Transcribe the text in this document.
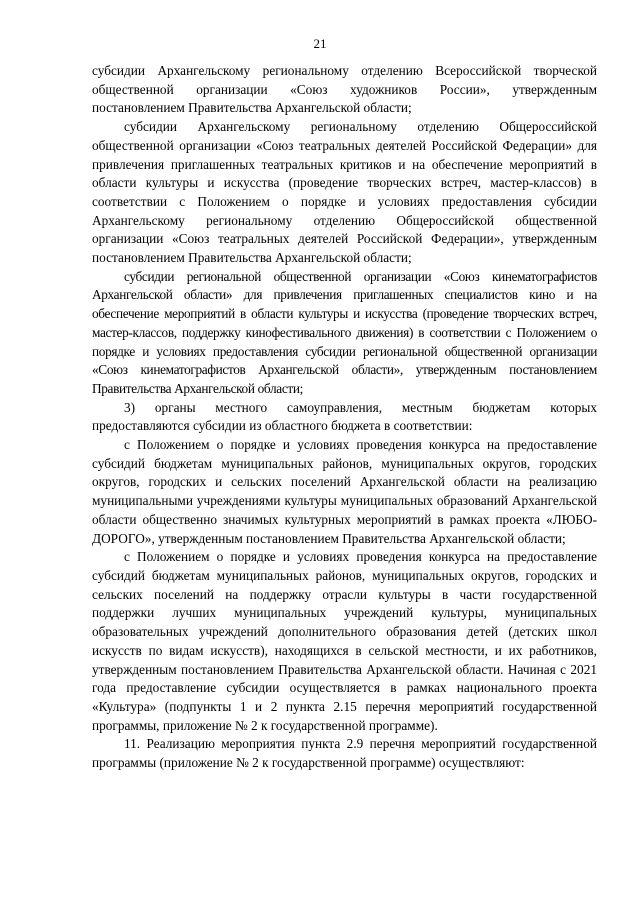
21

субсидии Архангельскому региональному отделению Всероссийской творческой общественной организации «Союз художников России», утвержденным постановлением Правительства Архангельской области;

субсидии Архангельскому региональному отделению Общероссийской общественной организации «Союз театральных деятелей Российской Федерации» для привлечения приглашенных театральных критиков и на обеспечение мероприятий в области культуры и искусства (проведение творческих встреч, мастер-классов) в соответствии с Положением о порядке и условиях предоставления субсидии Архангельскому региональному отделению Общероссийской общественной организации «Союз театральных деятелей Российской Федерации», утвержденным постановлением Правительства Архангельской области;

субсидии региональной общественной организации «Союз кинематографистов Архангельской области» для привлечения приглашенных специалистов кино и на обеспечение мероприятий в области культуры и искусства (проведение творческих встреч, мастер-классов, поддержку кинофестивального движения) в соответствии с Положением о порядке и условиях предоставления субсидии региональной общественной организации «Союз кинематографистов Архангельской области», утвержденным постановлением Правительства Архангельской области;

3) органы местного самоуправления, местным бюджетам которых предоставляются субсидии из областного бюджета в соответствии:

с Положением о порядке и условиях проведения конкурса на предоставление субсидий бюджетам муниципальных районов, муниципальных округов, городских округов, городских и сельских поселений Архангельской области на реализацию муниципальными учреждениями культуры муниципальных образований Архангельской области общественно значимых культурных мероприятий в рамках проекта «ЛЮБО-ДОРОГО», утвержденным постановлением Правительства Архангельской области;

с Положением о порядке и условиях проведения конкурса на предоставление субсидий бюджетам муниципальных районов, муниципальных округов, городских и сельских поселений на поддержку отрасли культуры в части государственной поддержки лучших муниципальных учреждений культуры, муниципальных образовательных учреждений дополнительного образования детей (детских школ искусств по видам искусств), находящихся в сельской местности, и их работников, утвержденным постановлением Правительства Архангельской области. Начиная с 2021 года предоставление субсидии осуществляется в рамках национального проекта «Культура» (подпункты 1 и 2 пункта 2.15 перечня мероприятий государственной программы, приложение № 2 к государственной программе).

11. Реализацию мероприятия пункта 2.9 перечня мероприятий государственной программы (приложение № 2 к государственной программе) осуществляют:
